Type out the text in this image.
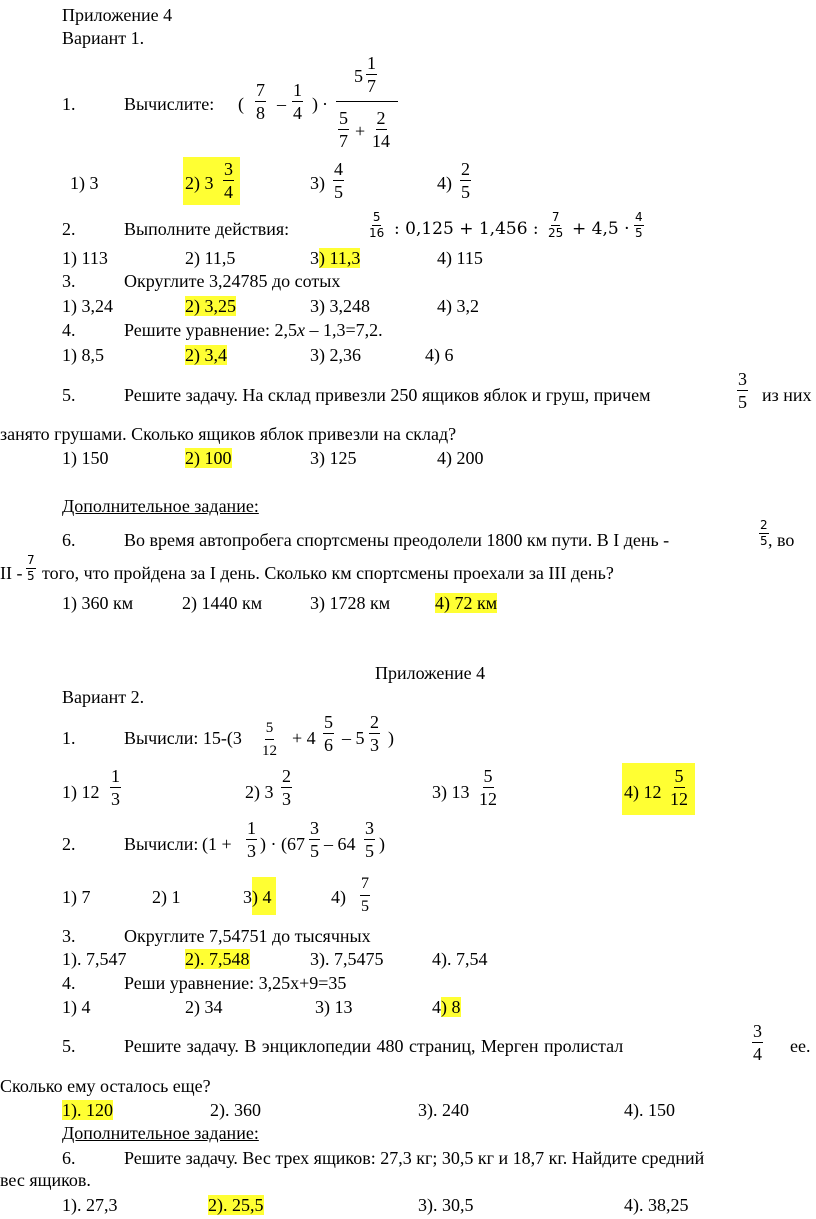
Приложение 4
Вариант 1.
1.	Вычислите: ( $\frac{7}{8} - \frac{1}{4}$ ) ·
$5 \frac{1}{7}$
$\frac{5}{7} + \frac{2}{14}$
1) 3	2) $3 \frac{3}{4}$	$3) \frac{4}{5}$	$4) \frac{2}{5}$
2.	Выполните действия:	$\frac{5}{16}$ : 0,125 + 1,456 : $\frac{7}{25} + 4,5 \cdot \frac{4}{5}$
1) 113	2) 11,5	3) 11,3	4) 115
3.	Округлите 3,24785 до сотых
1) 3,24	2) 3,25	3) 3,248	4) 3,2
4.	Решите уравнение: 2,5x – 1,3=7,2.
1) 8,5	2) 3,4	3) 2,36	4) 6
5.	Решите задачу. На склад привезли 250 ящиков яблок и груш, причем	$\frac{3}{5}$ из них
занято грушами. Сколько ящиков яблок привезли на склад?
1) 150	2) 100	3) 125	4) 200
Дополнительное задание:
6.	Во время автопробега спортсмены преодолели 1800 км пути. В I день -	$\frac{2}{5}$ , во
II - $\frac{7}{5}$ того, что пройдена за I день. Сколько км спортсмены проехали за III день?
1) 360 км	2) 1440 км	3) 1728 км 4) 72 км
Приложение 4
Вариант 2.
1.	Вычисли: $15-(3 \frac{5}{12} + 4 \frac{5}{6} - 5 \frac{2}{3}$ )
1) $12 \frac{1}{3}$	2) $3 \frac{2}{3}$	3) $13 \frac{5}{12}$	4) $12 \frac{5}{12}$
2.	Вычисли: ($1 + \frac{1}{3}$ ) · ($67 \frac{3}{5} - 64 \frac{3}{5}$ )
1) 7	2) 1	3) 4	$4) \frac{7}{5}$
3.	Округлите 7,54751 до тысячных
1). 7,547	2). 7,548	3). 7,5475	4). 7,54
4.	Реши уравнение: 3,25x+9=35
1) 4	2) 34	3) 13	4) 8
5.	Решите задачу. В энциклопедии 480 страниц, Мерген пролистал	$\frac{3}{4}$ ее.
Сколько ему осталось еще?
1). 120	2). 360	3). 240	4). 150
Дополнительное задание:
6.	Решите задачу. Вес трех ящиков: 27,3 кг; 30,5 кг и 18,7 кг. Найдите средний
вес ящиков.
1). 27,3	2). 25,5	3). 30,5	4). 38,25
